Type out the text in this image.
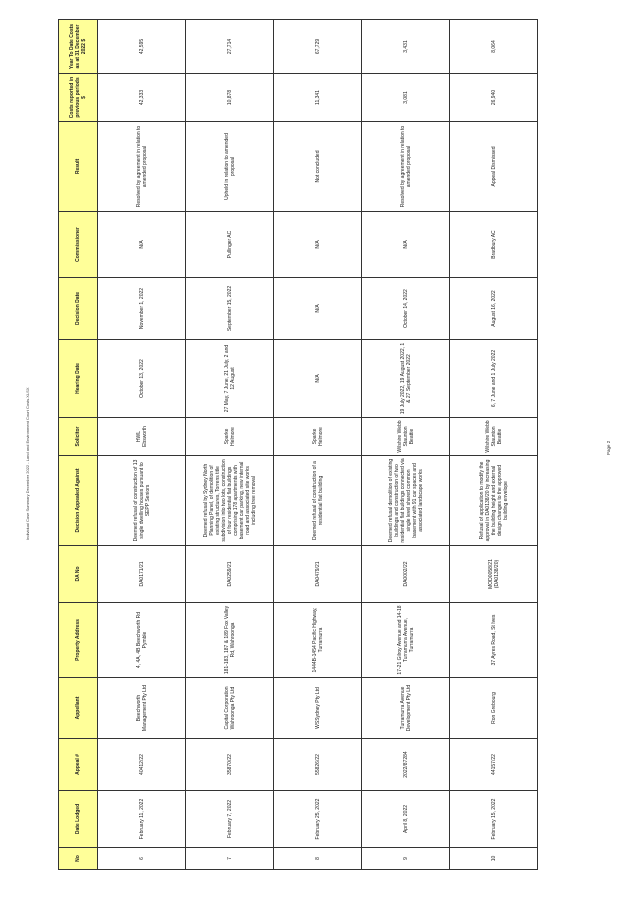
Individual Case Summary December 2022 - Land and Environment Court Costs.XLSX	Page 2
No	Date Lodged	Appeal #	Appellant	Property Address	DA No	Decision Appealed Against	Solicitor	Hearing Date	Decision Date	Commissioner	Result	Costs reported in previous periods $	Year To Date Costs as at 31 December 2022 $
6	February 11, 2022	40412/22	Beechworth Management Pty Ltd	4, 4A, 4B Beechworth Rd Pymble	DA0171/21	Deemed refusal of construction of 13 single dwelling houses pursuant to SEPP Seniors	HWL Ebsworth	October 13, 2022	November 1, 2022	N/A	Resolved by agreement in relation to amended proposal	42,333	42,595
7	February 7, 2022	35870/22	Capital Corporation Wahroonga Pty Ltd	181-183, 187 & 189 Fox Valley Rd, Wahroonga	DA0259/21	Deemed refusal by Sydney North Planning Panel, of demolition of existing structures, Torrens title subdivision into two lots, construction of four residential flat buildings comprising 178 apartments with basement car parking, new internal road and associated site works including tree removal	Sparke Helmore	27 May, 7 June, 21 July, 2 and 12 August	September 15, 2022	Pullinger AC	Upheld in relation to amended proposal	10,878	27,714
8	February 25, 2022	55826/22	WSSydney Pty Ltd	1444B-1454 Pacific Highway, Turramurra	DA0479/21	Deemed refusal of construction of a residential flat building	Sparke Helmore	N/A	N/A	N/A	Not concluded	11,341	67,729
9	April 8, 2022	2022/87284	Turramurra Avenue Development Pty Ltd	17-21 Gilroy Avenue and 14-18 Turramurra Avenue, Turramurra	DA0002/22	Deemed refusal demolition of existing buildings and construction of two residential flat buildings connected via single level shared common basement with 91 car spaces and associated landscape works	Wilshire Webb Staunton Beattie	19 July 2022, 19 August 2022, 1 & 27 September 2022	October 14, 2022	N/A	Resolved by agreement in relation to amended proposal	3,081	3,431
10	February 15, 2022	44157/22	Ron Grebourg	37 Ayres Road, St Ives	MOD0058/21 (DA0138/20)	Refusal of application to modify the approval in DA0138/20 by increasing the building height and external design changes to the approved building envelope	Wilshire Webb Staunton Beattie	6, 7 June and 1 July 2022	August 16, 2022	Bradbury AC	Appeal Dismissed	26,940	8,064
